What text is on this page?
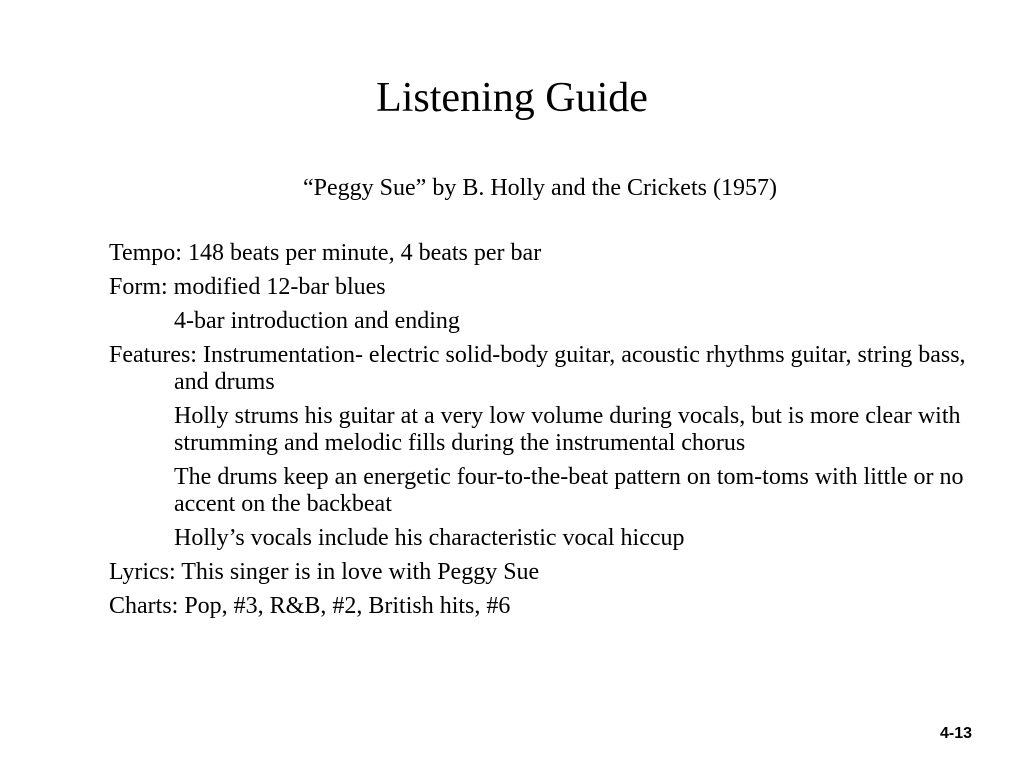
Listening Guide

“Peggy Sue” by B. Holly and the Crickets (1957)

Tempo: 148 beats per minute, 4 beats per bar

Form: modified 12-bar blues

4-bar introduction and ending

Features: Instrumentation- electric solid-body guitar, acoustic rhythms guitar, string bass, and drums

Holly strums his guitar at a very low volume during vocals, but is more clear with strumming and melodic fills during the instrumental chorus

The drums keep an energetic four-to-the-beat pattern on tom-toms with little or no accent on the backbeat

Holly’s vocals include his characteristic vocal hiccup

Lyrics: This singer is in love with Peggy Sue

Charts: Pop, #3, R&B, #2, British hits, #6

4-13
